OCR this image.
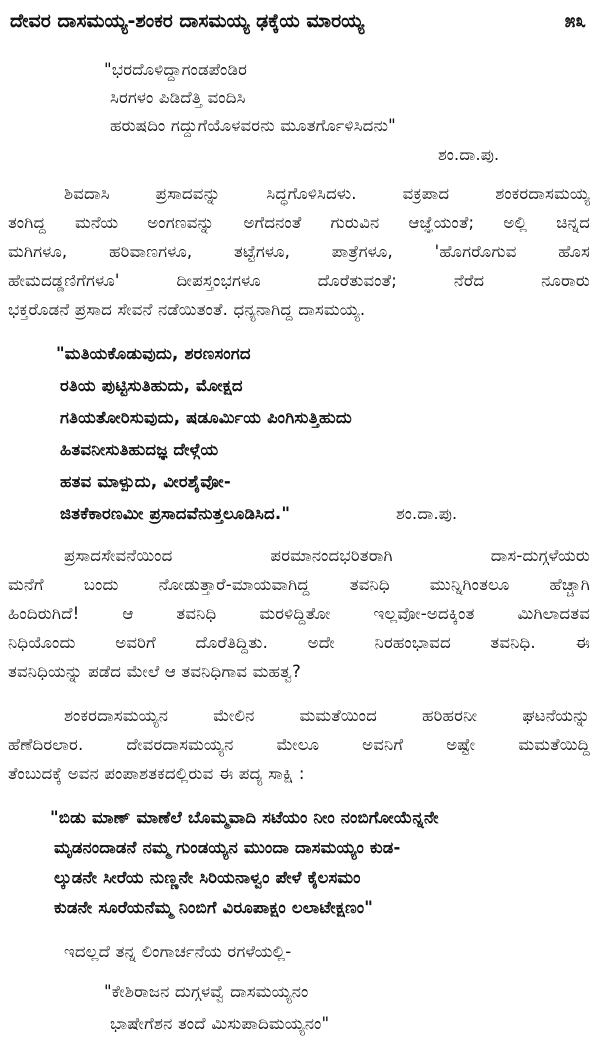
ದೇವರ ದಾಸಮಯ್ಯ-ಶಂಕರ ದಾಸಮಯ್ಯ ಢಕ್ಕೆಯ ಮಾರಯ್ಯ	೫೩
"ಭರದೊಳಿದ್ದಾಗಂಡಪೆಂಡಿರ
ಸಿರಗಳಂ ಪಿಡಿದೆತ್ತಿ ವಂದಿಸಿ
ಹರುಷದಿಂ ಗದ್ದುಗೆಯೊಳವರನು ಮೂತರ್ಗೊಳಿಸಿದನು"
ಶಂ.ದಾ.ಪು.
ಶಿವದಾಸಿ ಪ್ರಸಾದವನ್ನು ಸಿದ್ಧಗೊಳಿಸಿದಳು. ವಕ್ರಪಾದ ಶಂಕರದಾಸಮಯ್ಯ
ತಂಗಿದ್ದ ಮನೆಯ ಅಂಗಣವನ್ನು ಅಗೆದನಂತೆ ಗುರುವಿನ ಆಜ್ಞೆಯಂತೆ; ಅಲ್ಲಿ ಚಿನ್ನದ
ಮಗಿಗಳೂ, ಹರಿವಾಣಗಳೂ, ತಟ್ಟೆಗಳೂ, ಪಾತ್ರೆಗಳೂ, 'ಹೊಗರೊಗುವ ಹೊಸ
ಹೇಮದಡ್ಡಣಿಗೆಗಳೂ' ದೀಪಸ್ತಂಭಗಳೂ ದೊರೆತುವಂತೆ; ನೆರೆದ ನೂರಾರು
ಭಕ್ತರೊಡನೆ ಪ್ರಸಾದ ಸೇವನೆ ನಡೆಯಿತಂತೆ. ಧನ್ಯನಾಗಿದ್ದ ದಾಸಮಯ್ಯ.
"ಮತಿಯಕೊಡುವುದು, ಶರಣಸಂಗದ
ರತಿಯ ಪುಟ್ಟಿಸುತಿಹುದು, ಮೋಕ್ಷದ
ಗತಿಯತೋರಿಸುವುದು, ಷಡೂರ್ಮಿಯ ಪಿಂಗಿಸುತ್ತಿಹುದು
ಹಿತವನೀಸುತಿಹುದಜ್ಞ ದೇಳ್ಗೆಯ
ಹತವ ಮಾಳ್ಪುದು, ವೀರಶೈವೋ-
ಜಿತಕೆಕಾರಣಮೀ ಪ್ರಸಾದವೆನುತ್ತಲೂಡಿಸಿದ."	ಶಂ.ದಾ.ಪು.
ಪ್ರಸಾದಸೇವನೆಯಿಂದ ಪರಮಾನಂದಭರಿತರಾಗಿ ದಾಸ-ದುಗ್ಗಳೆಯರು
ಮನೆಗೆ ಬಂದು ನೋಡುತ್ತಾರೆ-ಮಾಯವಾಗಿದ್ದ ತವನಿಧಿ ಮುನ್ನಿಗಿಂತಲೂ ಹೆಚ್ಚಾಗಿ
ಹಿಂದಿರುಗಿದೆ! ಆ ತವನಿಧಿ ಮರಳಿದ್ದಿತೋ ಇಲ್ಲವೋ-ಅದಕ್ಕಿಂತ ಮಿಗಿಲಾದತವ
ನಿಧಿಯೊಂದು ಅವರಿಗೆ ದೊರೆತಿದ್ದಿತು. ಅದೇ ನಿರಹಂಭಾವದ ತವನಿಧಿ. ಈ
ತವನಿಧಿಯನ್ನು ಪಡೆದ ಮೇಲೆ ಆ ತವನಿಧಿಗಾವ ಮಹತ್ವ?
ಶಂಕರದಾಸಮಯ್ಯನ ಮೇಲಿನ ಮಮತೆಯಿಂದ ಹರಿಹರನೀ ಘಟನೆಯನ್ನು
ಹೆಣೆದಿರಲಾರ. ದೇವರದಾಸಮಯ್ಯನ ಮೇಲೂ ಅವನಿಗೆ ಅಷ್ಟೇ ಮಮತೆಯಿದ್ದಿ
ತೆಂಬುದಕ್ಕೆ ಅವನ ಪಂಪಾಶತಕದಲ್ಲಿರುವ ಈ ಪದ್ಯ ಸಾಕ್ಷಿ :
"ಬಿಡು ಮಾಣ್ ಮಾಣೆಲೆ ಬೊಮ್ಮವಾದಿ ಸಟೆಯಂ ನೀಂ ನಂಬಿಗೋಯೆನ್ನನೇ
ಮೃಡನಂದಾಡನೆ ನಮ್ಮ ಗುಂಡಯ್ಯನ ಮುಂದಾ ದಾಸಮಯ್ಯಂ ಕುಡ-
ಲ್ಕುಡನೇ ಸೀರೆಯ ನುಣ್ಣನೇ ಸಿರಿಯನಾಳ್ವಂ ಪೇಳೆ ಕೈಲಸಮಂ
ಕುಡನೇ ಸೂರೆಯನೆಮ್ಮ ನಿಂಬಿಗೆ ವಿರೂಪಾಕ್ಷಂ ಲಲಾಟೇಕ್ಷಣಂ"
ಇದಲ್ಲದೆ ತನ್ನ ಲಿಂಗಾರ್ಚನೆಯ ರಗಳೆಯಲ್ಲಿ-
"ಕೇಶಿರಾಜನ ದುಗ್ಗಳವ್ವೆ ದಾಸಮಯ್ಯನಂ
ಭಾಷೇಗೆಶನ ತಂದೆ ಮಿಸುಪಾದಿಮಯ್ಯನಂ"
